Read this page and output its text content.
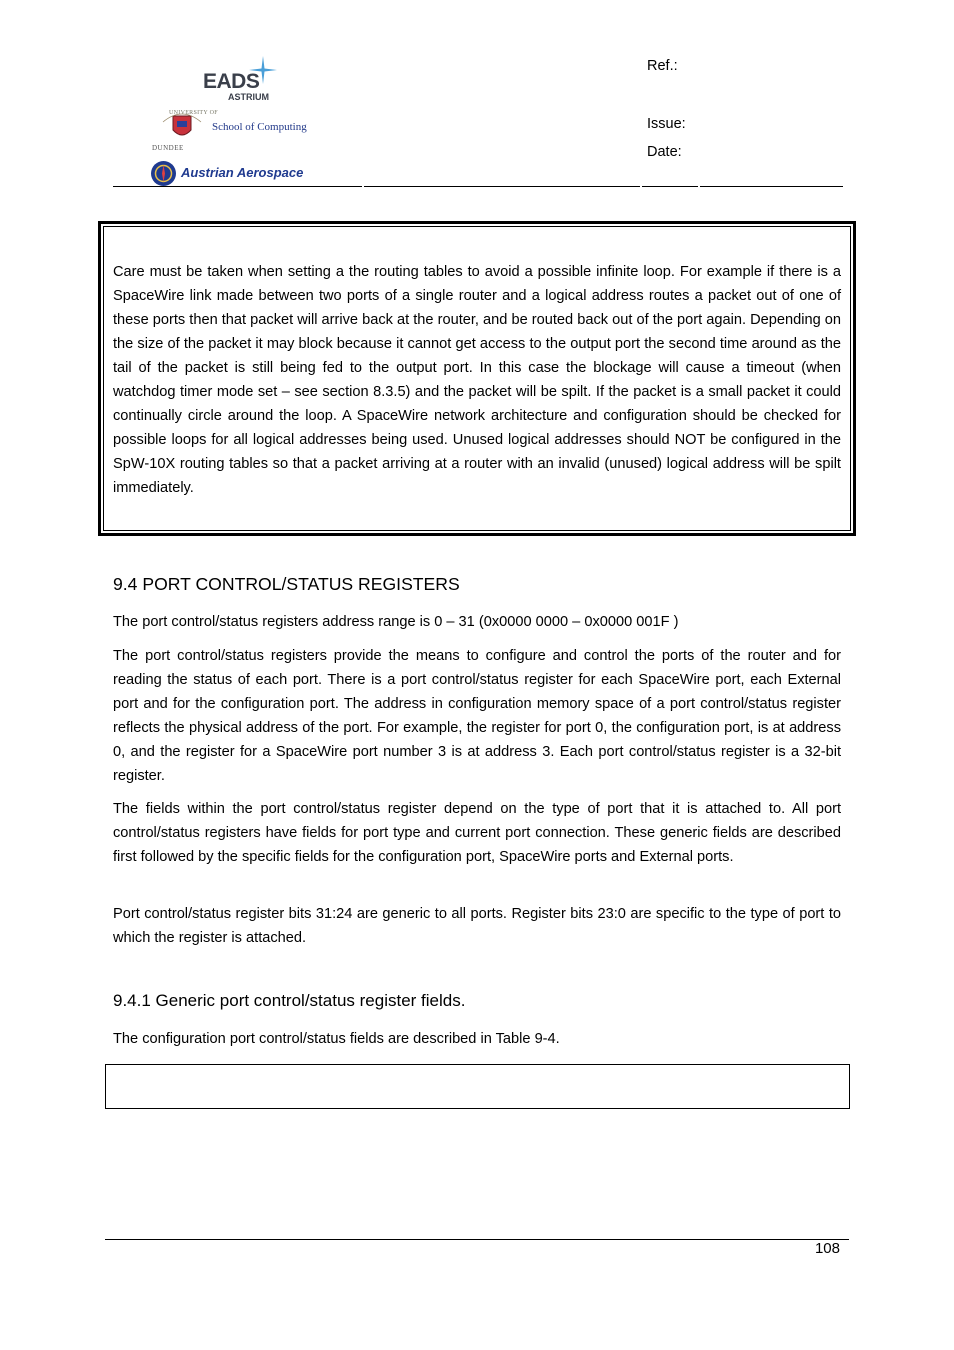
EADS
ASTRIUM
UNIVERSITY OF
School of Computing
DUNDEE
Austrian Aerospace
Ref.:
Issue:
Date:
Care must be taken when setting a the routing tables to avoid a possible infinite loop. For example if there is a SpaceWire link made between two ports of a single router and a logical address routes a packet out of one of these ports then that packet will arrive back at the router, and be routed back out of the port again. Depending on the size of the packet it may block because it cannot get access to the output port the second time around as the tail of the packet is still being fed to the output port. In this case the blockage will cause a timeout (when watchdog timer mode set – see section 8.3.5) and the packet will be spilt. If the packet is a small packet it could continually circle around the loop. A SpaceWire network architecture and configuration should be checked for possible loops for all logical addresses being used. Unused logical addresses should NOT be configured in the SpW-10X routing tables so that a packet arriving at a router with an invalid (unused) logical address will be spilt immediately.
9.4 PORT CONTROL/STATUS REGISTERS

The port control/status registers address range is 0 – 31 (0x0000 0000 – 0x0000 001F )

The port control/status registers provide the means to configure and control the ports of the router and for reading the status of each port. There is a port control/status register for each SpaceWire port, each External port and for the configuration port. The address in configuration memory space of a port control/status register reflects the physical address of the port. For example, the register for port 0, the configuration port, is at address 0, and the register for a SpaceWire port number 3 is at address 3. Each port control/status register is a 32-bit register.

The fields within the port control/status register depend on the type of port that it is attached to. All port control/status registers have fields for port type and current port connection. These generic fields are described first followed by the specific fields for the configuration port, SpaceWire ports and External ports.

Port control/status register bits 31:24 are generic to all ports. Register bits 23:0 are specific to the type of port to which the register is attached.

9.4.1 Generic port control/status register fields.

The configuration port control/status fields are described in Table 9-4.

108
